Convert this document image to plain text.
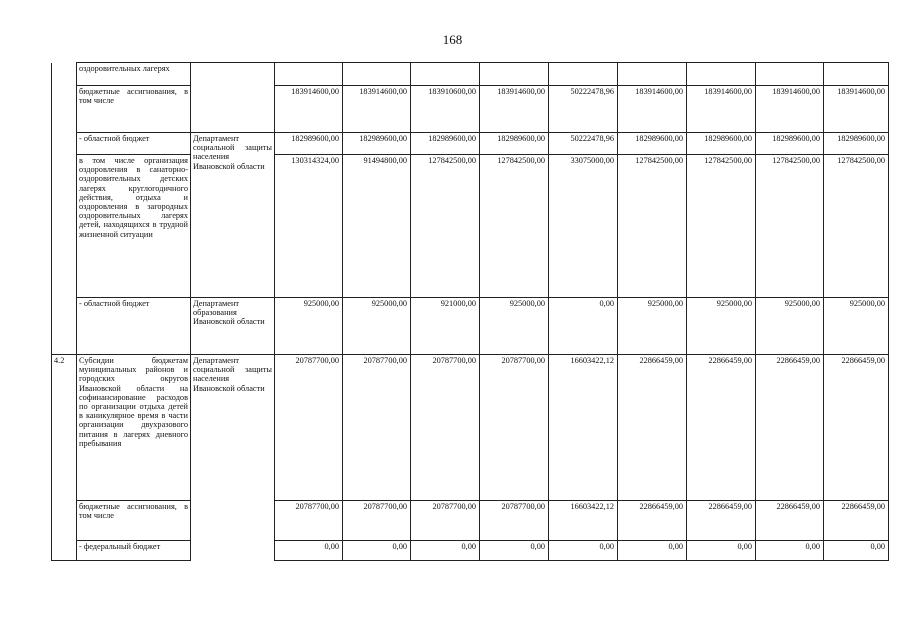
168
	оздоровительных лагерях										
	бюджетные ассигнования, в том числе		183914600,00	183914600,00	183910600,00	183914600,00	50222478,96	183914600,00	183914600,00	183914600,00	183914600,00
	- областной бюджет	Департамент социальной защиты населения Ивановской области	182989600,00	182989600,00	182989600,00	182989600,00	50222478,96	182989600,00	182989600,00	182989600,00	182989600,00
	в том числе организация оздоровления в санаторно-оздоровительных детских лагерях круглогодичного действия, отдыха и оздоровления в загородных оздоровительных лагерях детей, находящихся в трудной жизненной ситуации		130314324,00	91494800,00	127842500,00	127842500,00	33075000,00	127842500,00	127842500,00	127842500,00	127842500,00
	- областной бюджет	Департамент образования Ивановской области	925000,00	925000,00	921000,00	925000,00	0,00	925000,00	925000,00	925000,00	925000,00
4.2	Субсидии бюджетам муниципальных районов и городских округов Ивановской области на софинансирование расходов по организации отдыха детей в каникулярное время в части организации двухразового питания в лагерях дневного пребывания	Департамент социальной защиты населения Ивановской области	20787700,00	20787700,00	20787700,00	20787700,00	16603422,12	22866459,00	22866459,00	22866459,00	22866459,00
	бюджетные ассигнования, в том числе		20787700,00	20787700,00	20787700,00	20787700,00	16603422,12	22866459,00	22866459,00	22866459,00	22866459,00
	- федеральный бюджет		0,00	0,00	0,00	0,00	0,00	0,00	0,00	0,00	0,00
